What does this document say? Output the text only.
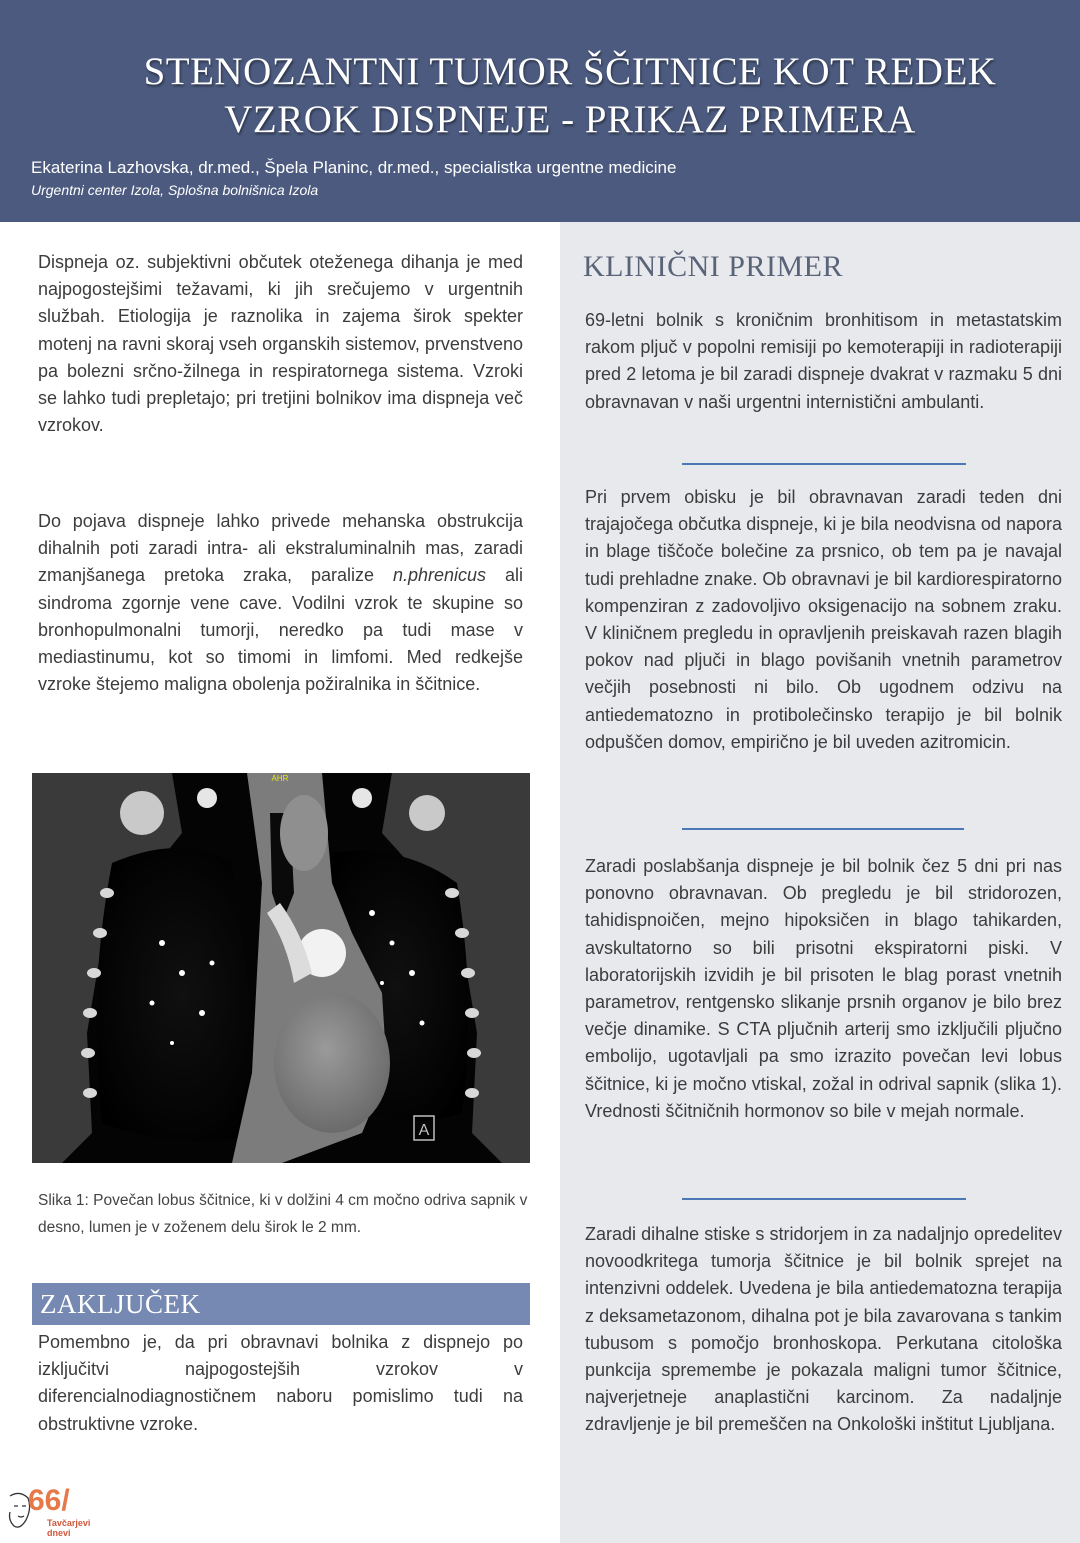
STENOZANTNI TUMOR ŠČITNICE KOT REDEK
VZROK DISPNEJE - PRIKAZ PRIMERA
Ekaterina Lazhovska, dr.med., Špela Planinc, dr.med., specialistka urgentne medicine
Urgentni center Izola, Splošna bolnišnica Izola

Dispneja oz. subjektivni občutek oteženega dihanja je med najpogostejšimi težavami, ki jih srečujemo v urgentnih službah. Etiologija je raznolika in zajema širok spekter motenj na ravni skoraj vseh organskih sistemov, prvenstveno pa bolezni srčno-žilnega in respiratornega sistema. Vzroki se lahko tudi prepletajo; pri tretjini bolnikov ima dispneja več vzrokov.

Do pojava dispneje lahko privede mehanska obstrukcija dihalnih poti zaradi intra- ali ekstraluminalnih mas, zaradi zmanjšanega pretoka zraka, paralize n.phrenicus ali sindroma zgornje vene cave. Vodilni vzrok te skupine so bronhopulmonalni tumorji, neredko pa tudi mase v mediastinumu, kot so timomi in limfomi. Med redkejše vzroke štejemo maligna obolenja požiralnika in ščitnice.

AHR
A
Slika 1: Povečan lobus ščitnice, ki v dolžini 4 cm močno odriva sapnik v desno, lumen je v zoženem delu širok le 2 mm.
ZAKLJUČEK

Pomembno je, da pri obravnavi bolnika z dispnejo po izključitvi najpogostejših vzrokov v diferencialnodiagnostičnem naboru pomislimo tudi na obstruktivne vzroke.

KLINIČNI PRIMER

69-letni bolnik s kroničnim bronhitisom in metastatskim rakom pljuč v popolni remisiji po kemoterapiji in radioterapiji pred 2 letoma je bil zaradi dispneje dvakrat v razmaku 5 dni obravnavan v naši urgentni internistični ambulanti.

Pri prvem obisku je bil obravnavan zaradi teden dni trajajočega občutka dispneje, ki je bila neodvisna od napora in blage tiščoče bolečine za prsnico, ob tem pa je navajal tudi prehladne znake. Ob obravnavi je bil kardiorespiratorno kompenziran z zadovoljivo oksigenacijo na sobnem zraku. V kliničnem pregledu in opravljenih preiskavah razen blagih pokov nad pljuči in blago povišanih vnetnih parametrov večjih posebnosti ni bilo. Ob ugodnem odzivu na antiedematozno in protibolečinsko terapijo je bil bolnik odpuščen domov, empirično je bil uveden azitromicin.

Zaradi poslabšanja dispneje je bil bolnik čez 5 dni pri nas ponovno obravnavan. Ob pregledu je bil stridorozen, tahidispnoičen, mejno hipoksičen in blago tahikarden, avskultatorno so bili prisotni ekspiratorni piski. V laboratorijskih izvidih je bil prisoten le blag porast vnetnih parametrov, rentgensko slikanje prsnih organov je bilo brez večje dinamike. S CTA pljučnih arterij smo izključili pljučno embolijo, ugotavljali pa smo izrazito povečan levi lobus ščitnice, ki je močno vtiskal, zožal in odrival sapnik (slika 1). Vrednosti ščitničnih hormonov so bile v mejah normale.

Zaradi dihalne stiske s stridorjem in za nadaljnjo opredelitev novoodkritega tumorja ščitnice je bil bolnik sprejet na intenzivni oddelek. Uvedena je bila antiedematozna terapija z deksametazonom, dihalna pot je bila zavarovana s tankim tubusom s pomočjo bronhoskopa. Perkutana citološka punkcija spremembe je pokazala maligni tumor ščitnice, najverjetneje anaplastični karcinom. Za nadaljnje zdravljenje je bil premeščen na Onkološki inštitut Ljubljana.

66/
Tavčarjevi
dnevi
